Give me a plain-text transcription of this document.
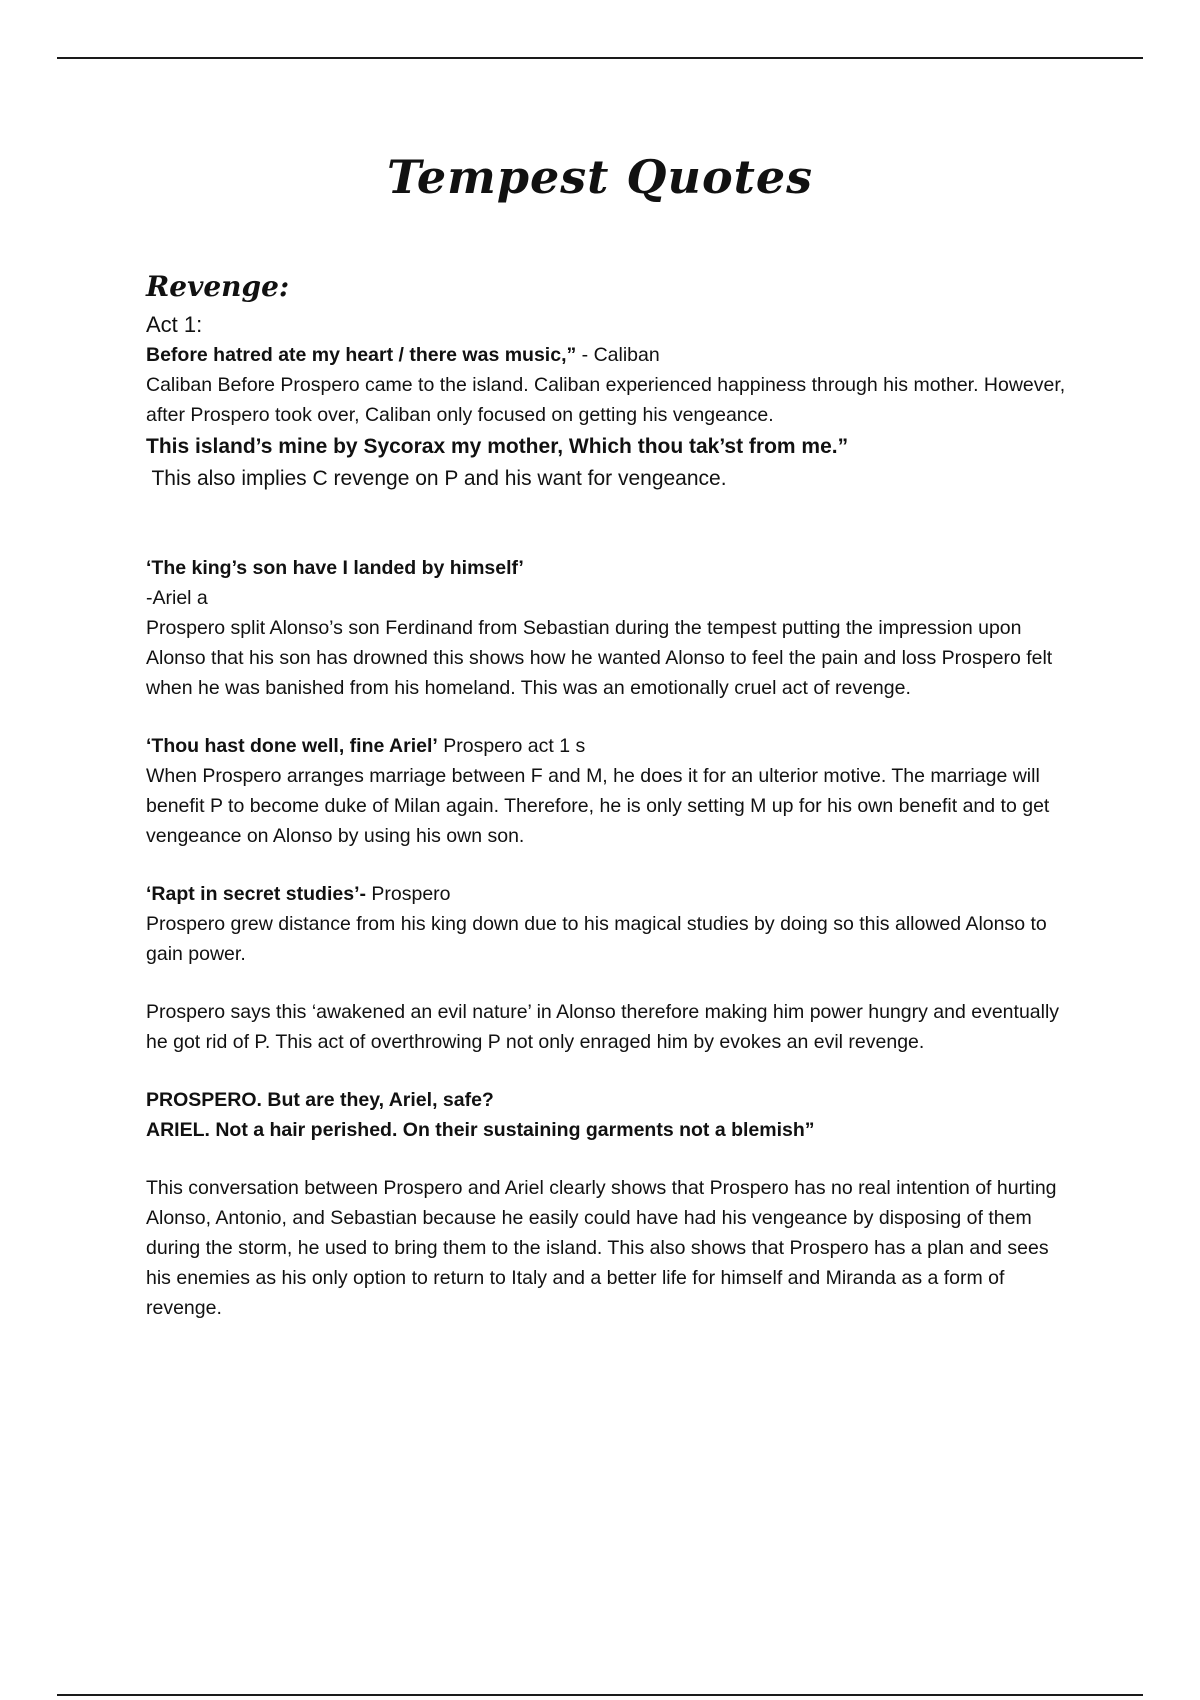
Tempest Quotes
Revenge:

Act 1:

Before hatred ate my heart / there was music,” - Caliban

Caliban Before Prospero came to the island. Caliban experienced happiness through his mother. However, after Prospero took over, Caliban only focused on getting his vengeance.

This island’s mine by Sycorax my mother, Which thou tak’st from me.”

This also implies C revenge on P and his want for vengeance.

‘The king’s son have I landed by himself’

-Ariel a

Prospero split Alonso’s son Ferdinand from Sebastian during the tempest putting the impression upon Alonso that his son has drowned this shows how he wanted Alonso to feel the pain and loss Prospero felt when he was banished from his homeland. This was an emotionally cruel act of revenge.

‘Thou hast done well, fine Ariel’ Prospero act 1 s

When Prospero arranges marriage between F and M, he does it for an ulterior motive. The marriage will benefit P to become duke of Milan again. Therefore, he is only setting M up for his own benefit and to get vengeance on Alonso by using his own son.

‘Rapt in secret studies’- Prospero

Prospero grew distance from his king down due to his magical studies by doing so this allowed Alonso to gain power.

Prospero says this ‘awakened an evil nature’ in Alonso therefore making him power hungry and eventually he got rid of P. This act of overthrowing P not only enraged him by evokes an evil revenge.

PROSPERO. But are they, Ariel, safe?

ARIEL. Not a hair perished. On their sustaining garments not a blemish”

This conversation between Prospero and Ariel clearly shows that Prospero has no real intention of hurting Alonso, Antonio, and Sebastian because he easily could have had his vengeance by disposing of them during the storm, he used to bring them to the island. This also shows that Prospero has a plan and sees his enemies as his only option to return to Italy and a better life for himself and Miranda as a form of revenge.
